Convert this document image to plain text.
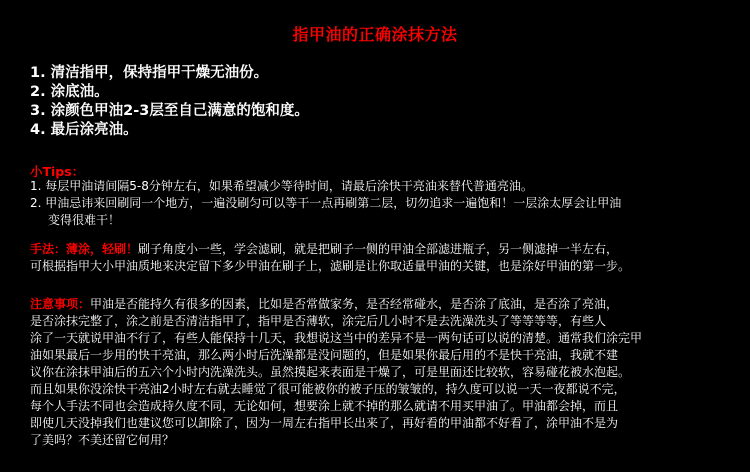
指甲油的正确涂抹方法
1. 清洁指甲，保持指甲干燥无油份。
2. 涂底油。
3. 涂颜色甲油2-3层至自己满意的饱和度。
4. 最后涂亮油。
小Tips：
1. 每层甲油请间隔5-8分钟左右，如果希望减少等待时间，请最后涂快干亮油来替代普通亮油。
2. 甲油忌讳来回刷同一个地方，一遍没刷匀可以等干一点再刷第二层，切勿追求一遍饱和！一层涂太厚会让甲油
变得很难干！
手法：薄涂，轻刷！刷子角度小一些，学会滤刷，就是把刷子一侧的甲油全部滤进瓶子，另一侧滤掉一半左右，
可根据指甲大小甲油质地来决定留下多少甲油在刷子上，滤刷是让你取适量甲油的关键，也是涂好甲油的第一步。
注意事项：甲油是否能持久有很多的因素，比如是否常做家务，是否经常碰水，是否涂了底油，是否涂了亮油，
是否涂抹完整了，涂之前是否清洁指甲了，指甲是否薄软，涂完后几小时不是去洗澡洗头了等等等等，有些人
涂了一天就说甲油不行了，有些人能保持十几天，我想说这当中的差异不是一两句话可以说的清楚。通常我们涂完甲
油如果最后一步用的快干亮油，那么两小时后洗澡都是没问题的，但是如果你最后用的不是快干亮油，我就不建
议你在涂抹甲油后的五六个小时内洗澡洗头。虽然摸起来表面是干燥了，可是里面还比较软，容易碰花被水泡起。
而且如果你没涂快干亮油2小时左右就去睡觉了很可能被你的被子压的皱皱的，持久度可以说一天一夜都说不完，
每个人手法不同也会造成持久度不同，无论如何，想要涂上就不掉的那么就请不用买甲油了。甲油都会掉，而且
即使几天没掉我们也建议您可以卸除了，因为一周左右指甲长出来了，再好看的甲油都不好看了，涂甲油不是为
了美吗？不美还留它何用？
